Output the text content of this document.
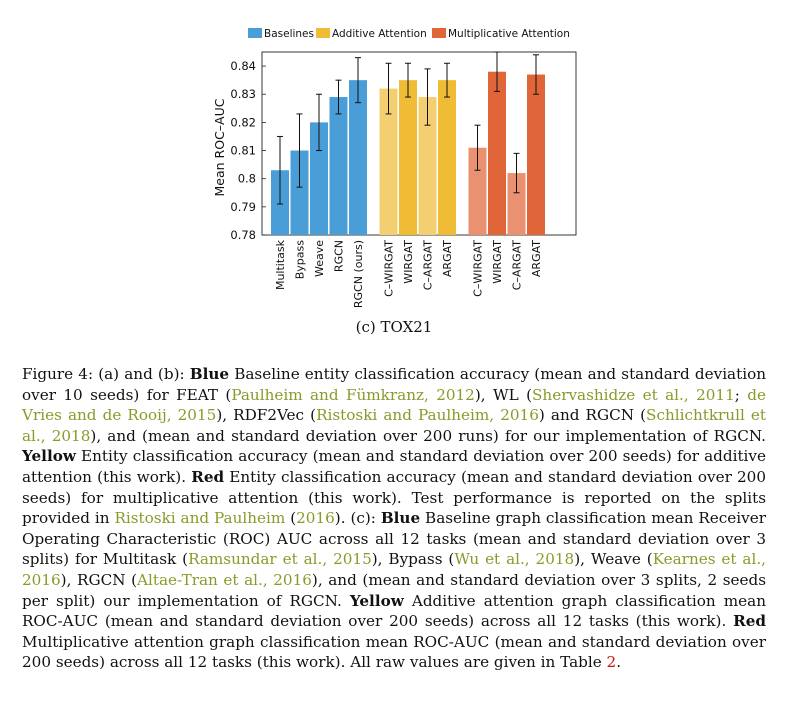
Baselines Additive Attention Multiplicative Attention
0.78
0.79
0.8
0.81
0.82
0.83
0.84
Mean ROC–AUC
Multitask Bypass Weave RGCN RGCN (ours) C–WIRGAT WIRGAT C–ARGAT ARGAT C–WIRGAT WIRGAT C–ARGAT ARGAT
(c) TOX21

Figure 4: (a) and (b): Blue Baseline entity classification accuracy (mean and standard deviation over 10 seeds) for FEAT (Paulheim and Fümkranz, 2012), WL (Shervashidze et al., 2011; de Vries and de Rooij, 2015), RDF2Vec (Ristoski and Paulheim, 2016) and RGCN (Schlichtkrull et al., 2018), and (mean and standard deviation over 200 runs) for our implementation of RGCN. Yellow Entity classification accuracy (mean and standard deviation over 200 seeds) for additive attention (this work). Red Entity classification accuracy (mean and standard deviation over 200 seeds) for multiplicative attention (this work). Test performance is reported on the splits provided in Ristoski and Paulheim (2016). (c): Blue Baseline graph classification mean Receiver Operating Characteristic (ROC) AUC across all 12 tasks (mean and standard deviation over 3 splits) for Multitask (Ramsundar et al., 2015), Bypass (Wu et al., 2018), Weave (Kearnes et al., 2016), RGCN (Altae-Tran et al., 2016), and (mean and standard deviation over 3 splits, 2 seeds per split) our implementation of RGCN. Yellow Additive attention graph classification mean ROC-AUC (mean and standard deviation over 200 seeds) across all 12 tasks (this work). Red Multiplicative attention graph classification mean ROC-AUC (mean and standard deviation over 200 seeds) across all 12 tasks (this work). All raw values are given in Table 2.
